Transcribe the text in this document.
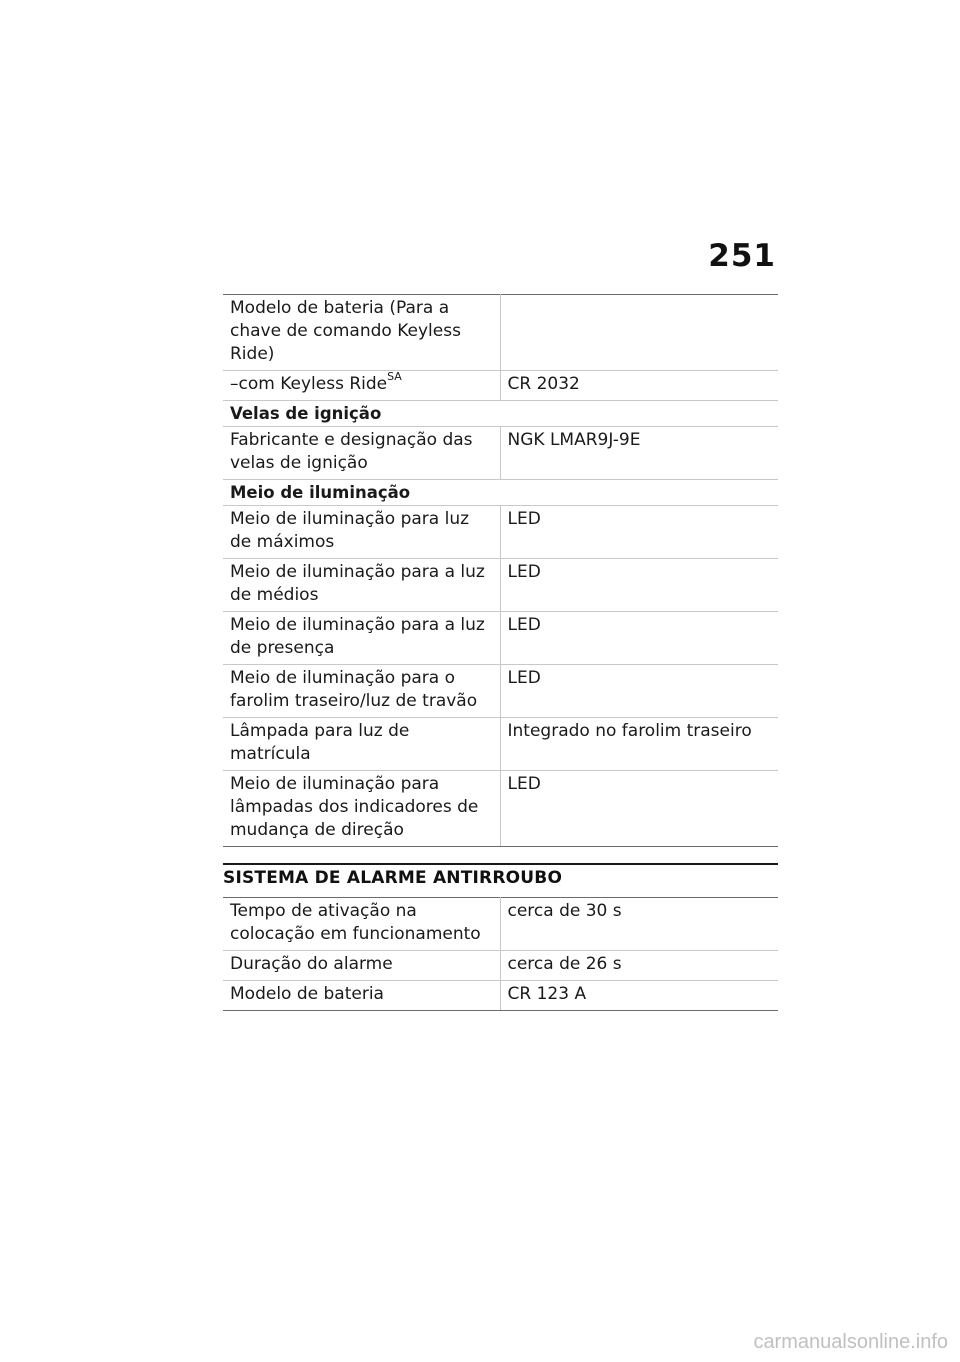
251
Modelo de bateria (Para a chave de comando Keyless Ride)	
–com Keyless Ride$^{SA}$	CR 2032
Velas de ignição	
Fabricante e designação das velas de ignição	NGK LMAR9J-9E
Meio de iluminação	
Meio de iluminação para luz de máximos	LED
Meio de iluminação para a luz de médios	LED
Meio de iluminação para a luz de presença	LED
Meio de iluminação para o farolim traseiro/luz de travão	LED
Lâmpada para luz de matrícula	Integrado no farolim traseiro
Meio de iluminação para lâmpadas dos indicadores de mudança de direção	LED
SISTEMA DE ALARME ANTIRROUBO
Tempo de ativação na colocação em funcionamento	cerca de 30 s
Duração do alarme	cerca de 26 s
Modelo de bateria	CR 123 A
carmanualsonline.info
